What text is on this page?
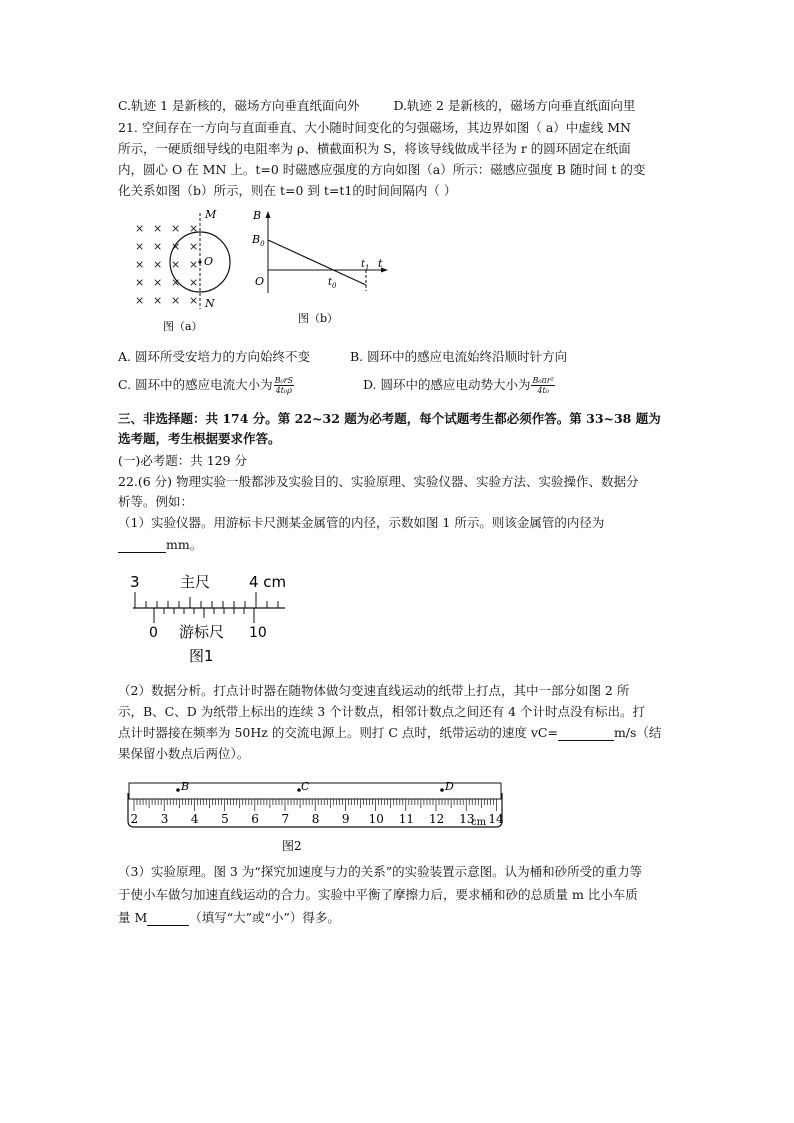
C.轨迹 1 是新核的，磁场方向垂直纸面向外	D.轨迹 2 是新核的，磁场方向垂直纸面向里
21. 空间存在一方向与直面垂直、大小随时间变化的匀强磁场，其边界如图（ a）中虚线 MN
所示，一硬质细导线的电阻率为 ρ、横截面积为 S，将该导线做成半径为 r 的圆环固定在纸面
内，圆心 O 在 MN 上。t=0 时磁感应强度的方向如图（a）所示：磁感应强度 B 随时间 t 的变
化关系如图（b）所示，则在 t=0 到 t=t1的时间间隔内（ ）
× × × ×
× × × ×
× × × ×
× × × ×
× × × ×
M
O
N
图（a）
B
$B_0$
O
t
$t_1$
$t_0$
图（b）
A. 圆环所受安培力的方向始终不变	B. 圆环中的感应电流始终沿顺时针方向
C. 圆环中的感应电流大小为 $\frac{\text{B₀rS}}{\text{4t₀ρ}}$	D. 圆环中的感应电动势大小为 $\frac{\text{B₀πr²}}{\text{4t₀}}$
三、非选择题：共 174 分。第 22~32 题为必考题，每个试题考生都必须作答。第 33~38 题为
选考题，考生根据要求作答。
(一)必考题：共 129 分
22.(6 分) 物理实验一般都涉及实验目的、实验原理、实验仪器、实验方法、实验操作、数据分
析等。例如：
（1）实验仪器。用游标卡尺测某金属管的内径，示数如图 1 所示。则该金属管的内径为
mm。
3	主尺	4 cm
0 游标尺 10
图1
（2）数据分析。打点计时器在随物体做匀变速直线运动的纸带上打点，其中一部分如图 2 所
示，B、C、D 为纸带上标出的连续 3 个计数点，相邻计数点之间还有 4 个计时点没有标出。打
点计时器接在频率为 50Hz 的交流电源上。则打 C 点时，纸带运动的速度 vC=	m/s（结
果保留小数点后两位）。
B	C	D
2 3 4 5 6 7 8 9 10 11 12 13 14
cm
图2
（3）实验原理。图 3 为“探究加速度与力的关系”的实验装置示意图。认为桶和砂所受的重力等
于使小车做匀加速直线运动的合力。实验中平衡了摩擦力后，要求桶和砂的总质量 m 比小车质
量 M	（填写“大”或“小”）得多。
